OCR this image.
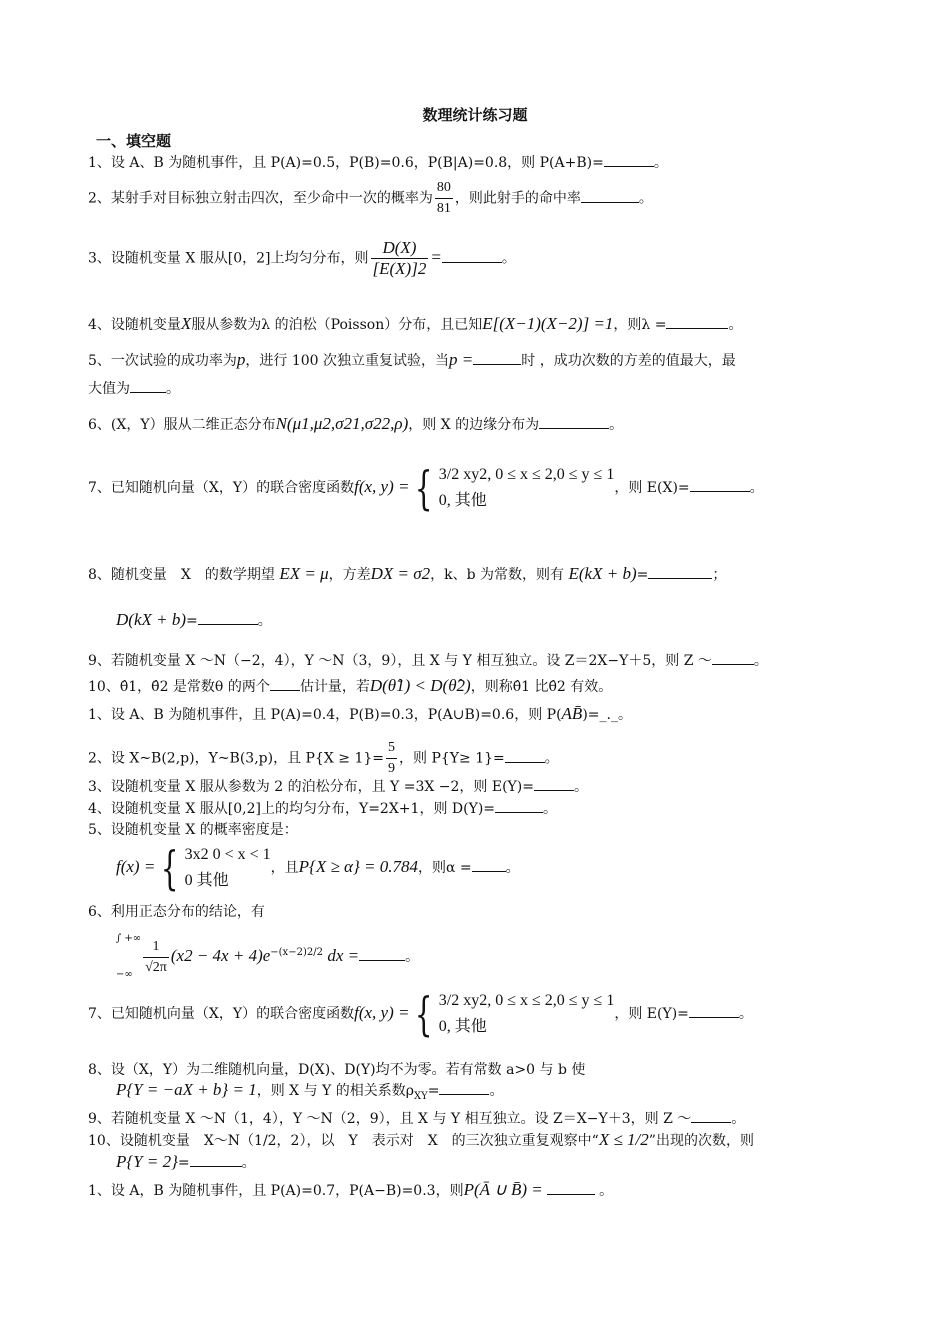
数理统计练习题
一、填空题
1、设 A、B 为随机事件，且 P(A)=0.5，P(B)=0.6，P(B|A)=0.8，则 P(A+B)=	。
2、某射手对目标独立射击四次，至少命中一次的概率为 $\frac{80}{81}$ ，则此射手的命中率	。
3、设随机变量 X 服从[0，2]上均匀分布，则 $\frac{D(X)}{[E(X)]2}$ =	。
4、设随机变量X服从参数为λ 的泊松（Poisson）分布，且已知E[(X−1)(X−2)] =1，则λ =	。
5、一次试验的成功率为p，进行 100 次独立重复试验，当p =	时 ，成功次数的方差的值最大，最
大值为	。
6、(X，Y）服从二维正态分布N(μ1,μ2,σ21,σ22,ρ)，则 X 的边缘分布为	。
7、已知随机向量（X，Y）的联合密度函数f(x, y) = { 3/2 xy2, 0 ≤ x ≤ 2,0 ≤ y ≤ 1
0, 其他
，则 E(X)=	。
8、随机变量　X　的数学期望 EX = μ，方差DX = σ2，k、b 为常数，则有 E(kX + b)=	；
D(kX + b)=	。
9、若随机变量 X ～N（−2，4），Y ～N（3，9），且 X 与 Y 相互独立。设 Z＝2X−Y＋5，则 Z ～	。
10、θ̂1，θ̂2 是常数θ 的两个 估计量，若D(θ̂1) < D(θ̂2)，则称θ̂1 比θ̂2 有效。
1、设 A、B 为随机事件，且 P(A)=0.4，P(B)=0.3，P(A∪B)=0.6，则 P(AB̄)=_._。
2、设 X~B(2,p)，Y~B(3,p)，且 $P\{X \ge 1\}= \frac{5}{9}$ ，则 P{Y≥ 1}=	。
3、设随机变量 X 服从参数为 2 的泊松分布，且 Y =3X −2，则 E(Y)=	。
4、设随机变量 X 服从[0,2]上的均匀分布，Y=2X+1，则 D(Y)=	。
5、设随机变量 X 的概率密度是：
f(x) = { 3x2 0 < x < 1
0 其他
，且P{X ≥ α} = 0.784，则α = 。
6、利用正态分布的结论，有
∫ +∞

−∞ $\frac{1}{√2\pi} (x2 - 4x + 4)e^{-(x-2)2/2}$ dx =	。
7、已知随机向量（X，Y）的联合密度函数f(x, y) = { 3/2 xy2, 0 ≤ x ≤ 2,0 ≤ y ≤ 1
0, 其他
，则 E(Y)=	。
8、设（X，Y）为二维随机向量，D(X)、D(Y)均不为零。若有常数 a>0 与 b 使
P{Y = −aX + b} = 1，则 X 与 Y 的相关系数$\rho_{XY}=$	。
9、若随机变量 X ～N（1，4），Y ～N（2，9），且 X 与 Y 相互独立。设 Z＝X−Y＋3，则 Z ～	。
10、设随机变量　X～N（1/2，2），以　Y　表示对　X　的三次独立重复观察中“X ≤ 1/2”出现的次数，则
P{Y = 2}=	。
1、设 A，B 为随机事件，且 P(A)=0.7，P(A−B)=0.3，则P(Ā ∪ B̄) =	。
